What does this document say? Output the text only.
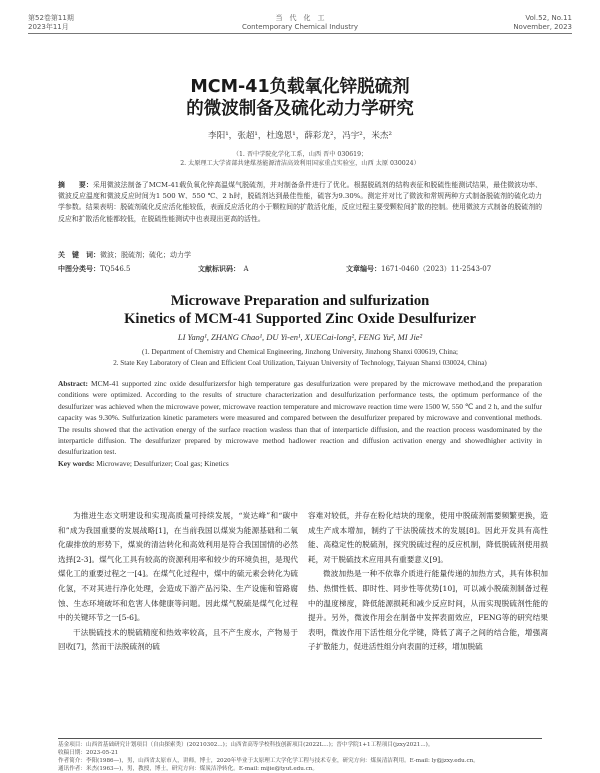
第52卷第11期
2023年11月
当　代　化　工
Contemporary Chemical Industry
Vol.52, No.11
November, 2023
MCM-41负载氧化锌脱硫剂
的微波制备及硫化动力学研究
李阳¹，张超¹，杜逸恩¹，薛彩龙²，冯宇²，米杰²
（1. 晋中学院化学化工系，山西 晋中 030619；
2. 太原理工大学省部共建煤基能源清洁高效利用国家重点实验室，山西 太原 030024）
摘　　要：采用微波法制备了MCM-41载负氧化锌高温煤气脱硫剂，并对制备条件进行了优化。根据脱硫剂的结构表征和脱硫性能测试结果，最佳微波功率、微波反应温度和微波反应时间为1 500 W、550 ℃、2 h时，脱硫剂达到最佳性能，硫容为9.30%。测定并对比了微波和常规两种方式制备脱硫剂的硫化动力学参数。结果表明：脱硫剂硫化反应活化能较低，表面反应活化的小于颗粒间的扩散活化能，反应过程主要受颗粒间扩散的控制。使用微波方式制备的脱硫剂的反应和扩散活化能都较低，在脱硫性能测试中也表现出更高的活性。
关　键　词：微波；脱硫剂；硫化；动力学
中图分类号：TQ546.5	文献标识码：　 A	文章编号：1671-0460（2023）11-2543-07
Microwave Preparation and sulfurization
Kinetics of MCM-41 Supported Zinc Oxide Desulfurizer
LI Yang¹, ZHANG Chao¹, DU Yi-en¹, XUECai-long², FENG Yu², MI Jie²
(1. Department of Chemistry and Chemical Engineering, Jinzhong University, Jinzhong Shanxi 030619, China;
2. State Key Laboratory of Clean and Efficient Coal Utilization, Taiyuan University of Technology, Taiyuan Shanxi 030024, China)
Abstract: MCM-41 supported zinc oxide desulfurizersfor high temperature gas desulfurization were prepared by the microwave method,and the preparation conditions were optimized. According to the results of structure characterization and desulfurization performance tests, the optimum performance of the desulfurizer was achieved when the microwave power, microwave reaction temperature and microwave reaction time were 1500 W, 550 ℃ and 2 h, and the sulfur capacity was 9.30%. Sulfurization kinetic parameters were measured and compared between the desulfurizer prepared by microwave and conventional methods. The results showed that the activation energy of the surface reaction wasless than that of interparticle diffusion, and the reaction process wasdominated by the interparticle diffusion. The desulfurizer prepared by microwave method hadlower reaction and diffusion activation energy and showedhigher activity in desulfurization test.
Key words: Microwave; Desulfurizer; Coal gas; Kinetics

为推进生态文明建设和实现高质量可持续发展，“炭达峰”和“碳中和”成为我国重要的发展战略[1]，在当前我国以煤炭为能源基础和二氧化碳排放的形势下，煤炭的清洁转化和高效利用是符合我国国情的必然选择[2-3]。煤气化工具有较高的资源利用率和较少的环境负担，是现代煤化工的重要过程之一[4]。在煤气化过程中，煤中的硫元素会转化为硫化氢，不对其进行净化处理，会造成下游产品污染、生产设施和管路腐蚀、生态环境破坏和危害人体健康等问题。因此煤气脱硫是煤气化过程中的关键环节之一[5-6]。

干法脱硫技术的脱硫精度和热效率较高，且不产生废水，产物易于回收[7]，然而干法脱硫剂的硫

容难对较低，并存在粉化结块的现象，使用中脱硫剂需要频繁更换，造成生产成本增加，制约了干法脱硫技术的发展[8]。因此开发具有高性能、高稳定性的脱硫剂，探究脱硫过程的反应机制，降低脱硫剂使用损耗，对干脱硫技术应用具有重要意义[9]。

微波加热是一种不依靠介质进行能量传递的加热方式，具有体积加热、热惯性低、即时性、同步性等优势[10]，可以减小脱硫剂制备过程中的温度梯度，降低能源损耗和减少反应时间，从而实现脱硫剂性能的提升。另外，微波作用会在制备中发挥表面效应，FENG等的研究结果表明，微波作用下活性组分化学键，降低了离子之间的结合能，增强离子扩散能力，促进活性组分向表面的迁移，增加脱硫

基金项目：山西省基础研究计划项目（自由探索类）(20210302...)；山西省高等学校科技创新项目(2022L...)；晋中学院1+1工程项目(jzxy2021...)。

收稿日期：2023-05-21

作者简介：李阳(1986—)，男，山西省太原市人，讲师，博士，2020年毕业于太原理工大学化学工程与技术专业，研究方向：煤炭清洁利用。E-mail: ly@jzxy.edu.cn。

通讯作者：米杰(1963—)，男，教授，博士，研究方向：煤炭洁净转化。E-mail: mijie@tyut.edu.cn。
